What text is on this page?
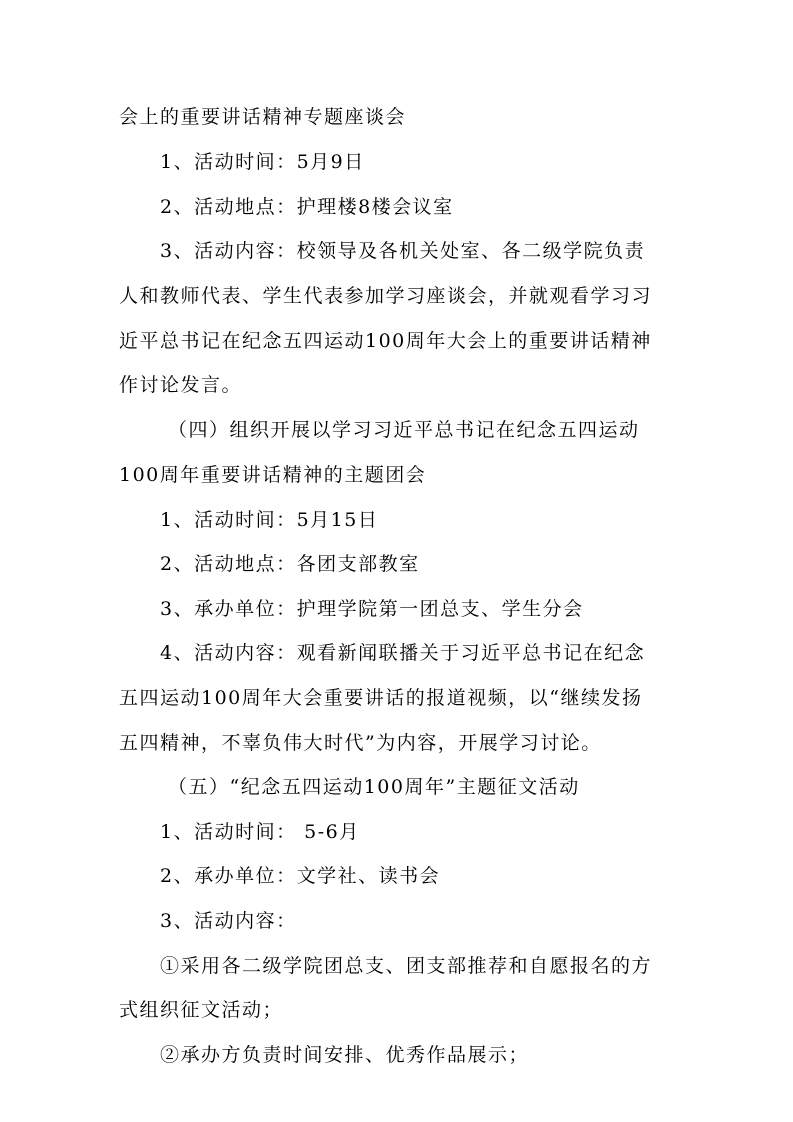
会上的重要讲话精神专题座谈会
1、活动时间：5月9日
2、活动地点：护理楼8楼会议室
3、活动内容：校领导及各机关处室、各二级学院负责
人和教师代表、学生代表参加学习座谈会，并就观看学习习
近平总书记在纪念五四运动100周年大会上的重要讲话精神
作讨论发言。
（四）组织开展以学习习近平总书记在纪念五四运动
100周年重要讲话精神的主题团会
1、活动时间：5月15日
2、活动地点：各团支部教室
3、承办单位：护理学院第一团总支、学生分会
4、活动内容：观看新闻联播关于习近平总书记在纪念
五四运动100周年大会重要讲话的报道视频，以“继续发扬
五四精神，不辜负伟大时代”为内容，开展学习讨论。
（五）“纪念五四运动100周年”主题征文活动
1、活动时间： 5-6月
2、承办单位：文学社、读书会
3、活动内容：
①采用各二级学院团总支、团支部推荐和自愿报名的方
式组织征文活动；
②承办方负责时间安排、优秀作品展示；
